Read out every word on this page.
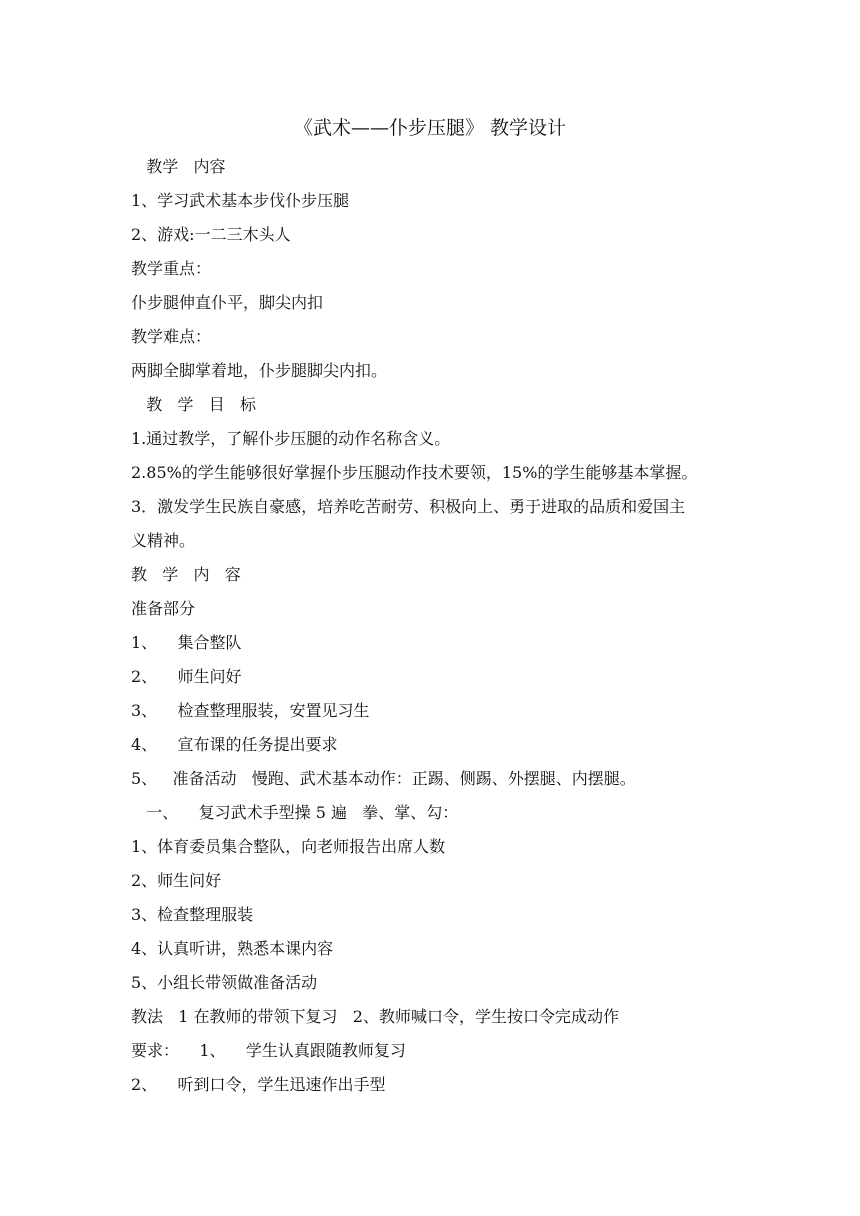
《武术——仆步压腿》 教学设计
教学   内容
1、学习武术基本步伐仆步压腿
2、游戏:一二三木头人
教学重点：
仆步腿伸直仆平，脚尖内扣
教学难点：
两脚全脚掌着地，仆步腿脚尖内扣。
教   学   目   标
1.通过教学，了解仆步压腿的动作名称含义。
2.85%的学生能够很好掌握仆步压腿动作技术要领，15%的学生能够基本掌握。
3．激发学生民族自豪感，培养吃苦耐劳、积极向上、勇于进取的品质和爱国主
义精神。
教   学   内   容
准备部分
1、    集合整队
2、    师生问好
3、    检查整理服装，安置见习生
4、    宣布课的任务提出要求
5、   准备活动   慢跑、武术基本动作：正踢、侧踢、外摆腿、内摆腿。
一、    复习武术手型操 5 遍   拳、掌、勾：
1、体育委员集合整队，向老师报告出席人数
2、师生问好
3、检查整理服装
4、认真听讲，熟悉本课内容
5、小组长带领做准备活动
教法   1 在教师的带领下复习   2、教师喊口令，学生按口令完成动作
要求：    1、    学生认真跟随教师复习
2、    听到口令，学生迅速作出手型
